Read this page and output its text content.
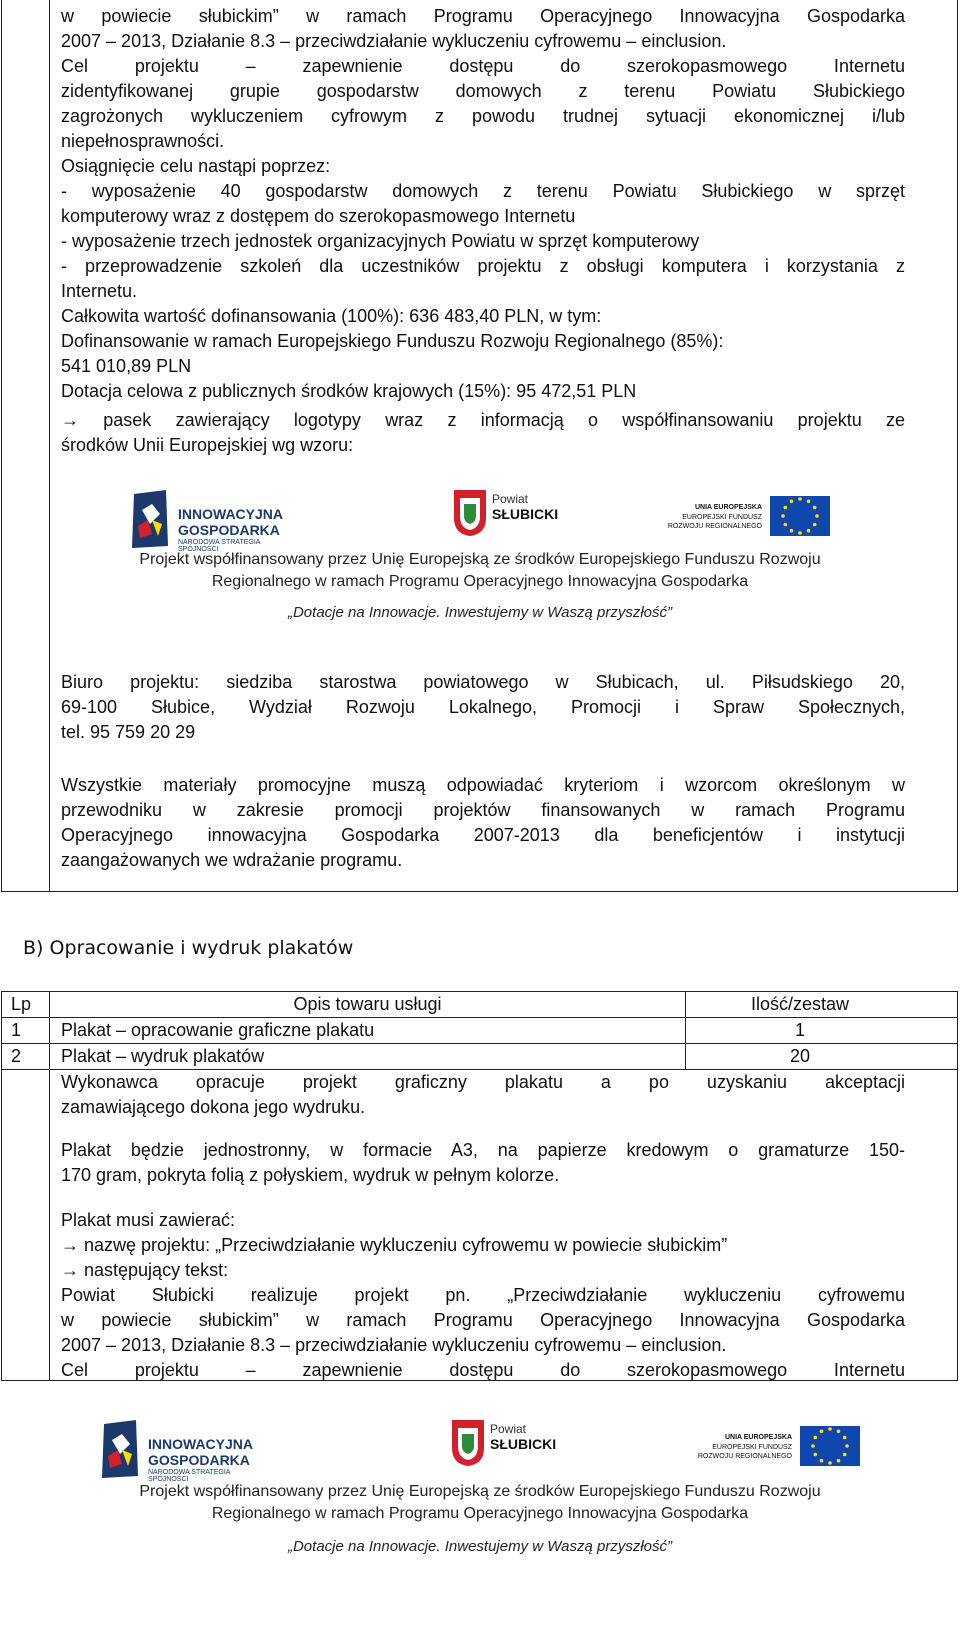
w powiecie słubickim” w ramach Programu Operacyjnego Innowacyjna Gospodarka

2007 – 2013, Działanie 8.3 – przeciwdziałanie wykluczeniu cyfrowemu – einclusion.

Cel projektu – zapewnienie dostępu do szerokopasmowego Internetu

zidentyfikowanej grupie gospodarstw domowych z terenu Powiatu Słubickiego

zagrożonych wykluczeniem cyfrowym z powodu trudnej sytuacji ekonomicznej i/lub

niepełnosprawności.

Osiągnięcie celu nastąpi poprzez:

- wyposażenie 40 gospodarstw domowych z terenu Powiatu Słubickiego w sprzęt

komputerowy wraz z dostępem do szerokopasmowego Internetu

- wyposażenie trzech jednostek organizacyjnych Powiatu w sprzęt komputerowy

- przeprowadzenie szkoleń dla uczestników projektu z obsługi komputera i korzystania z

Internetu.

Całkowita wartość dofinansowania (100%): 636 483,40 PLN, w tym:

Dofinansowanie w ramach Europejskiego Funduszu Rozwoju Regionalnego (85%):

541 010,89 PLN

Dotacja celowa z publicznych środków krajowych (15%): 95 472,51 PLN

→ pasek zawierający logotypy wraz z informacją o współfinansowaniu projektu ze

środków Unii Europejskiej wg wzoru:

INNOWACYJNA
GOSPODARKA
NARODOWA STRATEGIA SPÓJNOŚCI
Powiat
SŁUBICKI	UNIA EUROPEJSKA
EUROPEJSKI FUNDUSZ
ROZWOJU REGIONALNEGO
Projekt współfinansowany przez Unię Europejską ze środków Europejskiego Funduszu Rozwoju
Regionalnego w ramach Programu Operacyjnego Innowacyjna Gospodarka
„Dotacje na Innowacje. Inwestujemy w Waszą przyszłość”

Biuro projektu: siedziba starostwa powiatowego w Słubicach, ul. Piłsudskiego 20,

69-100 Słubice, Wydział Rozwoju Lokalnego, Promocji i Spraw Społecznych,

tel. 95 759 20 29

Wszystkie materiały promocyjne muszą odpowiadać kryteriom i wzorcom określonym w

przewodniku w zakresie promocji projektów finansowanych w ramach Programu

Operacyjnego innowacyjna Gospodarka 2007-2013 dla beneficjentów i instytucji

zaangażowanych we wdrażanie programu.

B) Opracowanie i wydruk plakatów
Lp	Opis towaru usługi	Ilość/zestaw
1 Plakat – opracowanie graficzne plakatu	1
2 Plakat – wydruk plakatów	20

Wykonawca opracuje projekt graficzny plakatu a po uzyskaniu akceptacji

zamawiającego dokona jego wydruku.

Plakat będzie jednostronny, w formacie A3, na papierze kredowym o gramaturze 150-

170 gram, pokryta folią z połyskiem, wydruk w pełnym kolorze.

Plakat musi zawierać:

→ nazwę projektu: „Przeciwdziałanie wykluczeniu cyfrowemu w powiecie słubickim”

→ następujący tekst:

Powiat Słubicki realizuje projekt pn. „Przeciwdziałanie wykluczeniu cyfrowemu

w powiecie słubickim” w ramach Programu Operacyjnego Innowacyjna Gospodarka

2007 – 2013, Działanie 8.3 – przeciwdziałanie wykluczeniu cyfrowemu – einclusion.

Cel projektu – zapewnienie dostępu do szerokopasmowego Internetu

INNOWACYJNA
GOSPODARKA
NARODOWA STRATEGIA SPÓJNOŚCI
Powiat
SŁUBICKI	UNIA EUROPEJSKA
EUROPEJSKI FUNDUSZ
ROZWOJU REGIONALNEGO
Projekt współfinansowany przez Unię Europejską ze środków Europejskiego Funduszu Rozwoju
Regionalnego w ramach Programu Operacyjnego Innowacyjna Gospodarka
„Dotacje na Innowacje. Inwestujemy w Waszą przyszłość”
